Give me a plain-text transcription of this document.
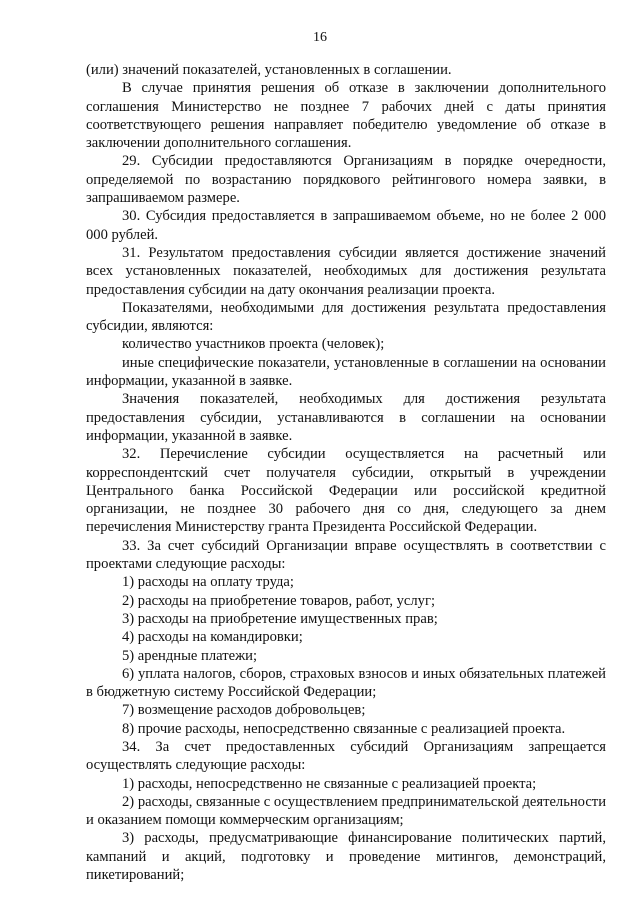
16

(или) значений показателей, установленных в соглашении.

В случае принятия решения об отказе в заключении дополнительного соглашения Министерство не позднее 7 рабочих дней с даты принятия соответствующего решения направляет победителю уведомление об отказе в заключении дополнительного соглашения.

29. Субсидии предоставляются Организациям в порядке очередности, определяемой по возрастанию порядкового рейтингового номера заявки, в запрашиваемом размере.

30. Субсидия предоставляется в запрашиваемом объеме, но не более 2 000 000 рублей.

31. Результатом предоставления субсидии является достижение значений всех установленных показателей, необходимых для достижения результата предоставления субсидии на дату окончания реализации проекта.

Показателями, необходимыми для достижения результата предоставления субсидии, являются:

количество участников проекта (человек);

иные специфические показатели, установленные в соглашении на основании информации, указанной в заявке.

Значения показателей, необходимых для достижения результата предоставления субсидии, устанавливаются в соглашении на основании информации, указанной в заявке.

32. Перечисление субсидии осуществляется на расчетный или корреспондентский счет получателя субсидии, открытый в учреждении Центрального банка Российской Федерации или российской кредитной организации, не позднее 30 рабочего дня со дня, следующего за днем перечисления Министерству гранта Президента Российской Федерации.

33. За счет субсидий Организации вправе осуществлять в соответствии с проектами следующие расходы:

1) расходы на оплату труда;

2) расходы на приобретение товаров, работ, услуг;

3) расходы на приобретение имущественных прав;

4) расходы на командировки;

5) арендные платежи;

6) уплата налогов, сборов, страховых взносов и иных обязательных платежей в бюджетную систему Российской Федерации;

7) возмещение расходов добровольцев;

8) прочие расходы, непосредственно связанные с реализацией проекта.

34. За счет предоставленных субсидий Организациям запрещается осуществлять следующие расходы:

1) расходы, непосредственно не связанные с реализацией проекта;

2) расходы, связанные с осуществлением предпринимательской деятельности и оказанием помощи коммерческим организациям;

3) расходы, предусматривающие финансирование политических партий, кампаний и акций, подготовку и проведение митингов, демонстраций, пикетирований;
